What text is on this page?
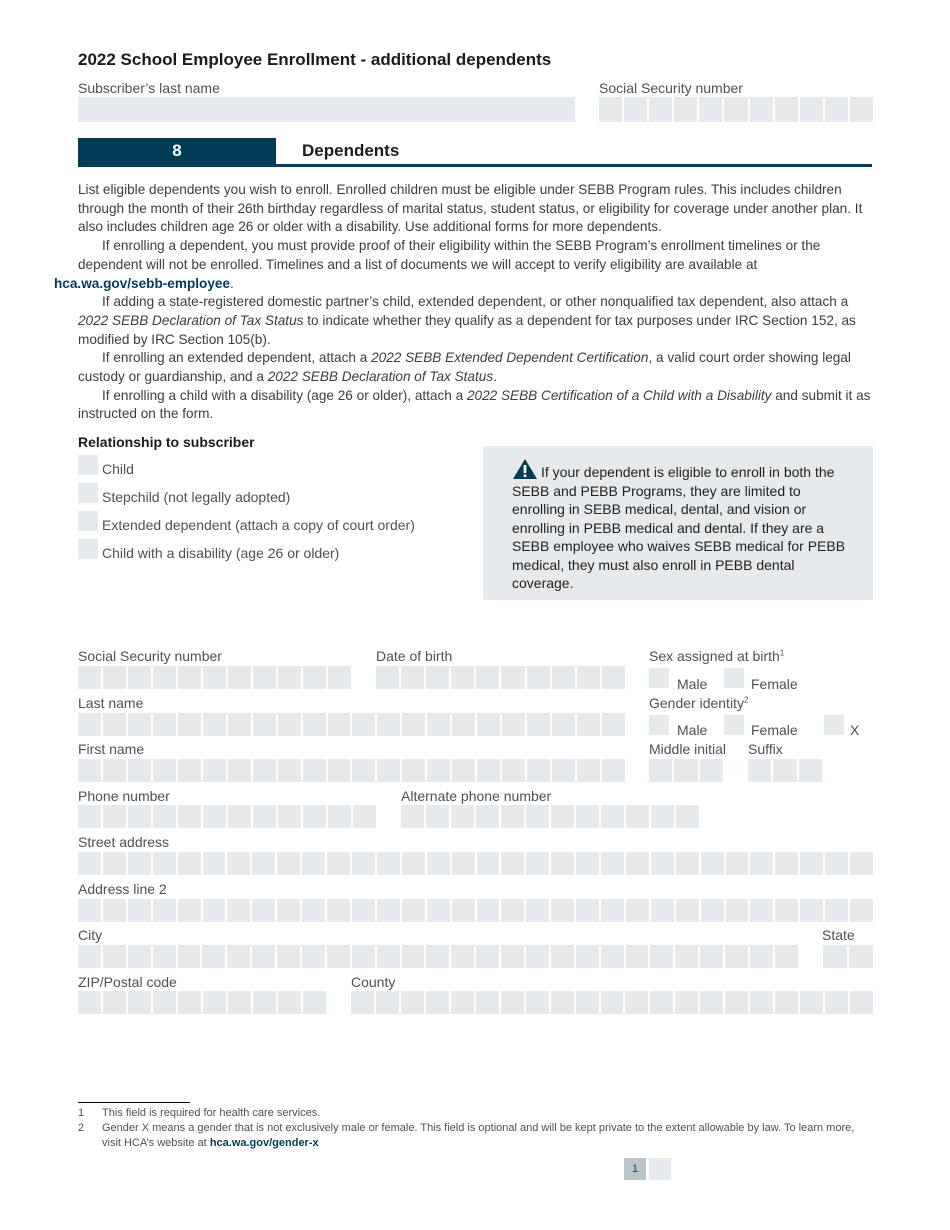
2022 School Employee Enrollment - additional dependents
Subscriber’s last name	Social Security number
8	Dependents

List eligible dependents you wish to enroll. Enrolled children must be eligible under SEBB Program rules. This includes children through the month of their 26th birthday regardless of marital status, student status, or eligibility for coverage under another plan. It also includes children age 26 or older with a disability. Use additional forms for more dependents.

If enrolling a dependent, you must provide proof of their eligibility within the SEBB Program’s enrollment timelines or the dependent will not be enrolled. Timelines and a list of documents we will accept to verify eligibility are available at
hca.wa.gov/sebb-employee.

If adding a state-registered domestic partner’s child, extended dependent, or other nonqualified tax dependent, also attach a 2022 SEBB Declaration of Tax Status to indicate whether they qualify as a dependent for tax purposes under IRC Section 152, as modified by IRC Section 105(b).

If enrolling an extended dependent, attach a 2022 SEBB Extended Dependent Certification, a valid court order showing legal custody or guardianship, and a 2022 SEBB Declaration of Tax Status.

If enrolling a child with a disability (age 26 or older), attach a 2022 SEBB Certification of a Child with a Disability and submit it as instructed on the form.

Relationship to subscriber
Child
Stepchild (not legally adopted)
Extended dependent (attach a copy of court order)
Child with a disability (age 26 or older)
If your dependent is eligible to enroll in both the SEBB and PEBB Programs, they are limited to enrolling in SEBB medical, dental, and vision or enrolling in PEBB medical and dental. If they are a SEBB employee who waives SEBB medical for PEBB medical, they must also enroll in PEBB dental coverage.
Social Security number	Date of birth	Sex assigned at birth$^1$
Male	Female
Last name	Gender identity$^2$
Male	Female	X
First name	Middle initial Suffix
Phone number	Alternate phone number
Street address
Address line 2
City	State
ZIP/Postal code	County
1 This field is required for health care services.
2 Gender X means a gender that is not exclusively male or female. This field is optional and will be kept private to the extent allowable by law. To learn more, visit HCA’s website at hca.wa.gov/gender-x
1
